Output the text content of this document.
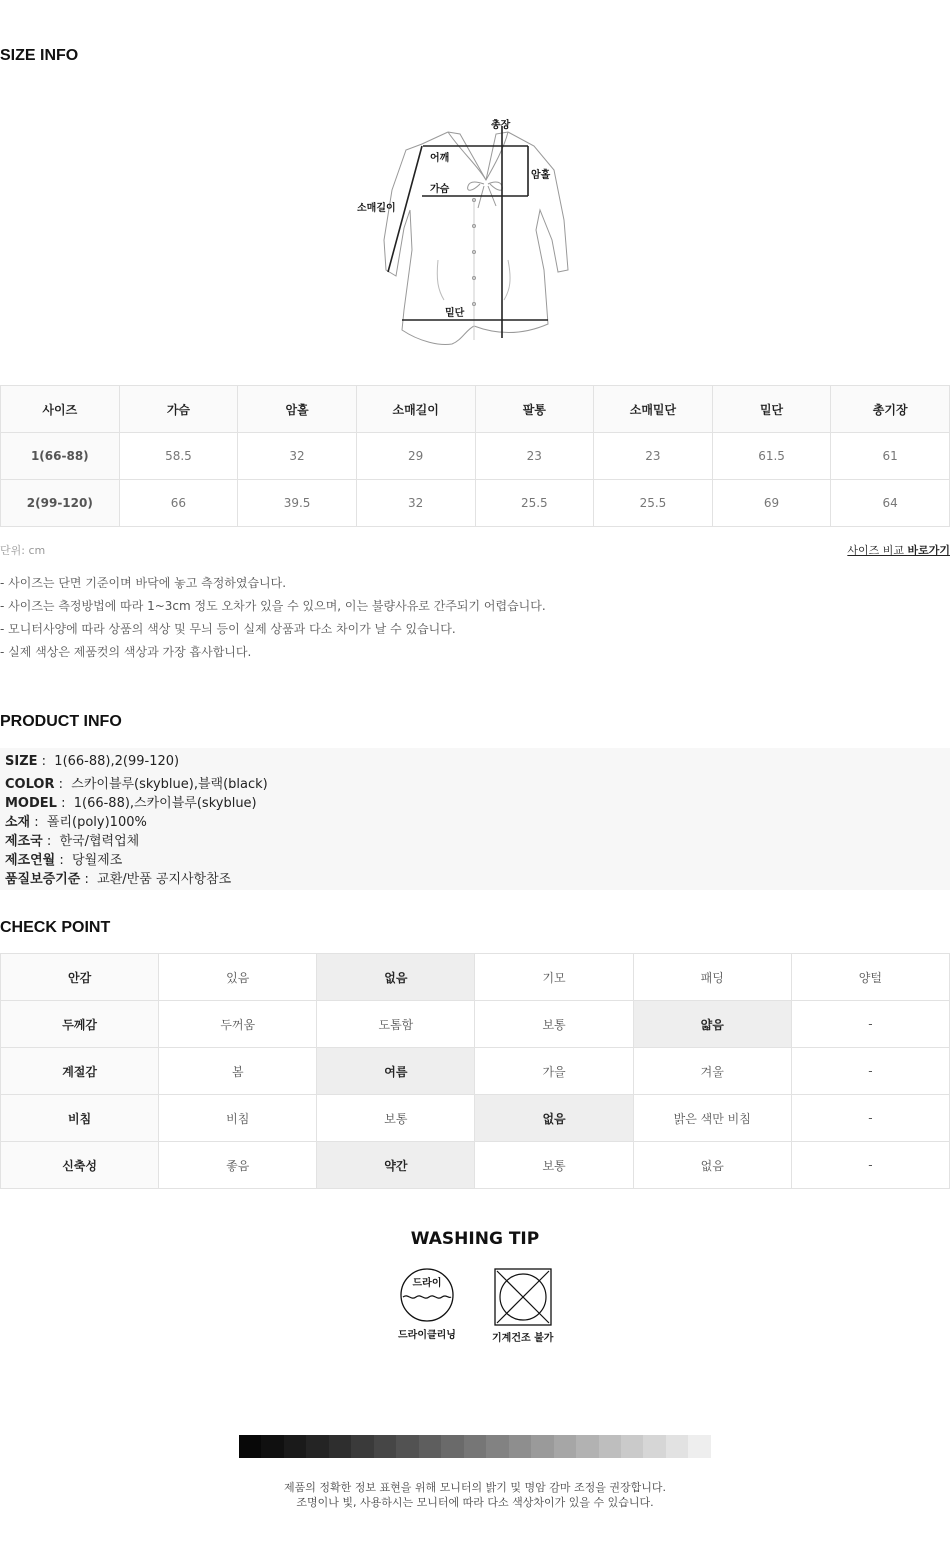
SIZE INFO
총장
어깨
가슴
암홀
소매길이
밑단
사이즈	가슴	암홀	소매길이	팔통	소매밑단	밑단	총기장
1(66-88)	58.5	32	29	23	23	61.5	61
2(99-120)	66	39.5	32	25.5	25.5	69	64
단위: cm	사이즈 비교 바로가기
- 사이즈는 단면 기준이며 바닥에 놓고 측정하였습니다.
- 사이즈는 측정방법에 따라 1~3cm 정도 오차가 있을 수 있으며, 이는 불량사유로 간주되기 어렵습니다.
- 모니터사양에 따라 상품의 색상 및 무늬 등이 실제 상품과 다소 차이가 날 수 있습니다.
- 실제 색상은 제품컷의 색상과 가장 흡사합니다.
PRODUCT INFO
SIZE :  1(66-88),2(99-120)
COLOR :  스카이블루(skyblue),블랙(black)
MODEL :  1(66-88),스카이블루(skyblue)
소재 :  폴리(poly)100%
제조국 :  한국/협력업체
제조연월 :  당월제조
품질보증기준 :  교환/반품 공지사항참조
CHECK POINT
안감	있음	없음	기모	패딩	양털
두께감	두꺼움	도톰함	보통	얇음	-
계절감	봄	여름	가을	겨울	-
비침	비침	보통	없음	밝은 색만 비침	-
신축성	좋음	약간	보통	없음	-
WASHING TIP
드라이
드라이클리닝	기계건조 불가
제품의 정확한 정보 표현을 위해 모니터의 밝기 및 명암 감마 조정을 권장합니다.
조명이나 빛, 사용하시는 모니터에 따라 다소 색상차이가 있을 수 있습니다.
